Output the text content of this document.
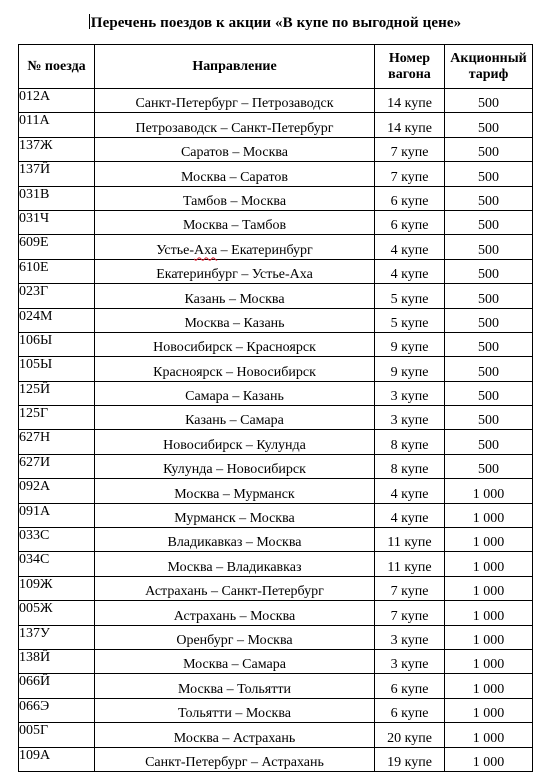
Перечень поездов к акции «В купе по выгодной цене»
№ поезда	Направление	Номер вагона	Акционный тариф
012А	Санкт-Петербург – Петрозаводск	14 купе	500
011А	Петрозаводск – Санкт-Петербург	14 купе	500
137Ж	Саратов – Москва	7 купе	500
137Й	Москва – Саратов	7 купе	500
031В	Тамбов – Москва	6 купе	500
031Ч	Москва – Тамбов	6 купе	500
609Е	Устье-Аха – Екатеринбург	4 купе	500
610Е	Екатеринбург – Устье-Аха	4 купе	500
023Г	Казань – Москва	5 купе	500
024М	Москва – Казань	5 купе	500
106Ы	Новосибирск – Красноярск	9 купе	500
105Ы	Красноярск – Новосибирск	9 купе	500
125Й	Самара – Казань	3 купе	500
125Г	Казань – Самара	3 купе	500
627Н	Новосибирск – Кулунда	8 купе	500
627И	Кулунда – Новосибирск	8 купе	500
092А	Москва – Мурманск	4 купе	1 000
091А	Мурманск – Москва	4 купе	1 000
033С	Владикавказ – Москва	11 купе	1 000
034С	Москва – Владикавказ	11 купе	1 000
109Ж	Астрахань – Санкт-Петербург	7 купе	1 000
005Ж	Астрахань – Москва	7 купе	1 000
137У	Оренбург – Москва	3 купе	1 000
138Й	Москва – Самара	3 купе	1 000
066Й	Москва – Тольятти	6 купе	1 000
066Э	Тольятти – Москва	6 купе	1 000
005Г	Москва – Астрахань	20 купе	1 000
109А	Санкт-Петербург – Астрахань	19 купе	1 000
